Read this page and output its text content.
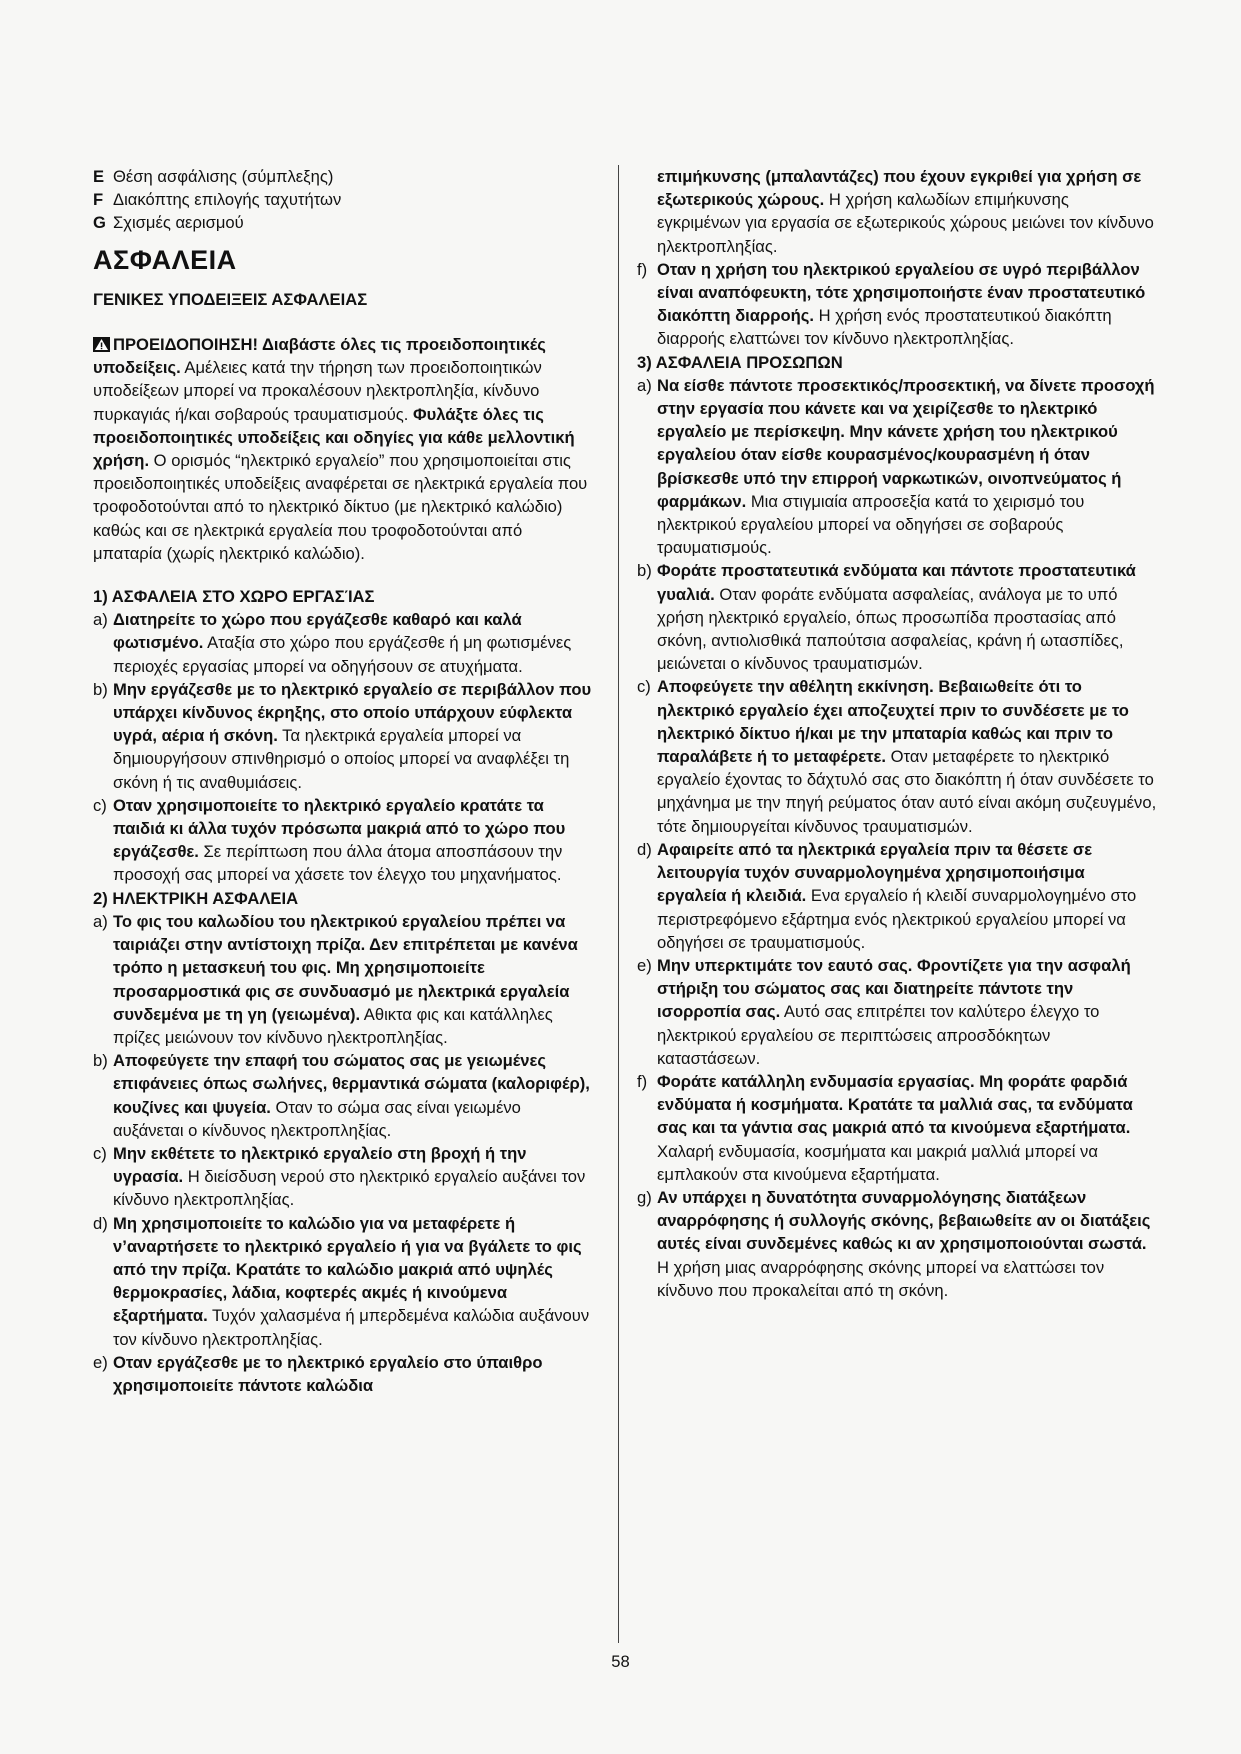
E Θέση ασφάλισης (σύμπλεξης)
F Διακόπτης επιλογής ταχυτήτων
G Σχισμές αερισμού
ΑΣΦΑΛΕΙΑ
ΓΕΝΙΚΕΣ ΥΠΟΔΕΙΞΕΙΣ ΑΣΦΑΛΕΙΑΣ

ΠΡΟΕΙΔΟΠΟΙΗΣΗ! Διαβάστε όλες τις προειδοποιητικές υποδείξεις. Αμέλειες κατά την τήρηση των προειδοποιητικών υποδείξεων μπορεί να προκαλέσουν ηλεκτροπληξία, κίνδυνο πυρκαγιάς ή/και σοβαρούς τραυματισμούς. Φυλάξτε όλες τις προειδοποιητικές υποδείξεις και οδηγίες για κάθε μελλοντική χρήση. Ο ορισμός “ηλεκτρικό εργαλείο” που χρησιμοποιείται στις προειδοποιητικές υποδείξεις αναφέρεται σε ηλεκτρικά εργαλεία που τροφοδοτούνται από το ηλεκτρικό δίκτυο (με ηλεκτρικό καλώδιο) καθώς και σε ηλεκτρικά εργαλεία που τροφοδοτούνται από μπαταρία (χωρίς ηλεκτρικό καλώδιο).

1) ΑΣΦΑΛΕΙΑ ΣΤΟ ΧΩΡΟ ΕΡΓΑΣΊΑΣ
a) Διατηρείτε το χώρο που εργάζεσθε καθαρό και καλά φωτισμένο. Αταξία στο χώρο που εργάζεσθε ή μη φωτισμένες περιοχές εργασίας μπορεί να οδηγήσουν σε ατυχήματα.
b) Μην εργάζεσθε με το ηλεκτρικό εργαλείο σε περιβάλλον που υπάρχει κίνδυνος έκρηξης, στο οποίο υπάρχουν εύφλεκτα υγρά, αέρια ή σκόνη. Τα ηλεκτρικά εργαλεία μπορεί να δημιουργήσουν σπινθηρισμό ο οποίος μπορεί να αναφλέξει τη σκόνη ή τις αναθυμιάσεις.
c) Οταν χρησιμοποιείτε το ηλεκτρικό εργαλείο κρατάτε τα παιδιά κι άλλα τυχόν πρόσωπα μακριά από το χώρο που εργάζεσθε. Σε περίπτωση που άλλα άτομα αποσπάσουν την προσοχή σας μπορεί να χάσετε τον έλεγχο του μηχανήματος.
2) ΗΛΕΚΤΡΙΚΗ ΑΣΦΑΛΕΙΑ
a) Το φις του καλωδίου του ηλεκτρικού εργαλείου πρέπει να ταιριάζει στην αντίστοιχη πρίζα. Δεν επιτρέπεται με κανένα τρόπο η μετασκευή του φις. Μη χρησιμοποιείτε προσαρμοστικά φις σε συνδυασμό με ηλεκτρικά εργαλεία συνδεμένα με τη γη (γειωμένα). Αθικτα φις και κατάλληλες πρίζες μειώνουν τον κίνδυνο ηλεκτροπληξίας.
b) Αποφεύγετε την επαφή του σώματος σας με γειωμένες επιφάνειες όπως σωλήνες, θερμαντικά σώματα (καλοριφέρ), κουζίνες και ψυγεία. Οταν το σώμα σας είναι γειωμένο αυξάνεται ο κίνδυνος ηλεκτροπληξίας.
c) Μην εκθέτετε το ηλεκτρικό εργαλείο στη βροχή ή την υγρασία. Η διείσδυση νερού στο ηλεκτρικό εργαλείο αυξάνει τον κίνδυνο ηλεκτροπληξίας.
d) Μη χρησιμοποιείτε το καλώδιο για να μεταφέρετε ή ν’αναρτήσετε το ηλεκτρικό εργαλείο ή για να βγάλετε το φις από την πρίζα. Κρατάτε το καλώδιο μακριά από υψηλές θερμοκρασίες, λάδια, κοφτερές ακμές ή κινούμενα εξαρτήματα. Τυχόν χαλασμένα ή μπερδεμένα καλώδια αυξάνουν τον κίνδυνο ηλεκτροπληξίας.
e) Οταν εργάζεσθε με το ηλεκτρικό εργαλείο στο ύπαιθρο χρησιμοποιείτε πάντοτε καλώδια

επιμήκυνσης (μπαλαντάζες) που έχουν εγκριθεί για χρήση σε εξωτερικούς χώρους. Η χρήση καλωδίων επιμήκυνσης εγκριμένων για εργασία σε εξωτερικούς χώρους μειώνει τον κίνδυνο ηλεκτροπληξίας.

f) Οταν η χρήση του ηλεκτρικού εργαλείου σε υγρό περιβάλλον είναι αναπόφευκτη, τότε χρησιμοποιήστε έναν προστατευτικό διακόπτη διαρροής. Η χρήση ενός προστατευτικού διακόπτη διαρροής ελαττώνει τον κίνδυνο ηλεκτροπληξίας.
3) ΑΣΦΑΛΕΙΑ ΠΡΟΣΩΠΩΝ
a) Να είσθε πάντοτε προσεκτικός/προσεκτική, να δίνετε προσοχή στην εργασία που κάνετε και να χειρίζεσθε το ηλεκτρικό εργαλείο με περίσκεψη. Μην κάνετε χρήση του ηλεκτρικού εργαλείου όταν είσθε κουρασμένος/κουρασμένη ή όταν βρίσκεσθε υπό την επιρροή ναρκωτικών, οινοπνεύματος ή φαρμάκων. Μια στιγμιαία απροσεξία κατά το χειρισμό του ηλεκτρικού εργαλείου μπορεί να οδηγήσει σε σοβαρούς τραυματισμούς.
b) Φοράτε προστατευτικά ενδύματα και πάντοτε προστατευτικά γυαλιά. Οταν φοράτε ενδύματα ασφαλείας, ανάλογα με το υπό χρήση ηλεκτρικό εργαλείο, όπως προσωπίδα προστασίας από σκόνη, αντιολισθικά παπούτσια ασφαλείας, κράνη ή ωτασπίδες, μειώνεται ο κίνδυνος τραυματισμών.
c) Αποφεύγετε την αθέλητη εκκίνηση. Βεβαιωθείτε ότι το ηλεκτρικό εργαλείο έχει αποζευχτεί πριν το συνδέσετε με το ηλεκτρικό δίκτυο ή/και με την μπαταρία καθώς και πριν το παραλάβετε ή το μεταφέρετε. Οταν μεταφέρετε το ηλεκτρικό εργαλείο έχοντας το δάχτυλό σας στο διακόπτη ή όταν συνδέσετε το μηχάνημα με την πηγή ρεύματος όταν αυτό είναι ακόμη συζευγμένο, τότε δημιουργείται κίνδυνος τραυματισμών.
d) Αφαιρείτε από τα ηλεκτρικά εργαλεία πριν τα θέσετε σε λειτουργία τυχόν συναρμολογημένα χρησιμοποιήσιμα εργαλεία ή κλειδιά. Ενα εργαλείο ή κλειδί συναρμολογημένο στο περιστρεφόμενο εξάρτημα ενός ηλεκτρικού εργαλείου μπορεί να οδηγήσει σε τραυματισμούς.
e) Μην υπερκτιμάτε τον εαυτό σας. Φροντίζετε για την ασφαλή στήριξη του σώματος σας και διατηρείτε πάντοτε την ισορροπία σας. Αυτό σας επιτρέπει τον καλύτερο έλεγχο το ηλεκτρικού εργαλείου σε περιπτώσεις απροσδόκητων καταστάσεων.
f) Φοράτε κατάλληλη ενδυμασία εργασίας. Μη φοράτε φαρδιά ενδύματα ή κοσμήματα. Κρατάτε τα μαλλιά σας, τα ενδύματα σας και τα γάντια σας μακριά από τα κινούμενα εξαρτήματα. Χαλαρή ενδυμασία, κοσμήματα και μακριά μαλλιά μπορεί να εμπλακούν στα κινούμενα εξαρτήματα.
g) Αν υπάρχει η δυνατότητα συναρμολόγησης διατάξεων αναρρόφησης ή συλλογής σκόνης, βεβαιωθείτε αν οι διατάξεις αυτές είναι συνδεμένες καθώς κι αν χρησιμοποιούνται σωστά. Η χρήση μιας αναρρόφησης σκόνης μπορεί να ελαττώσει τον κίνδυνο που προκαλείται από τη σκόνη.
58
